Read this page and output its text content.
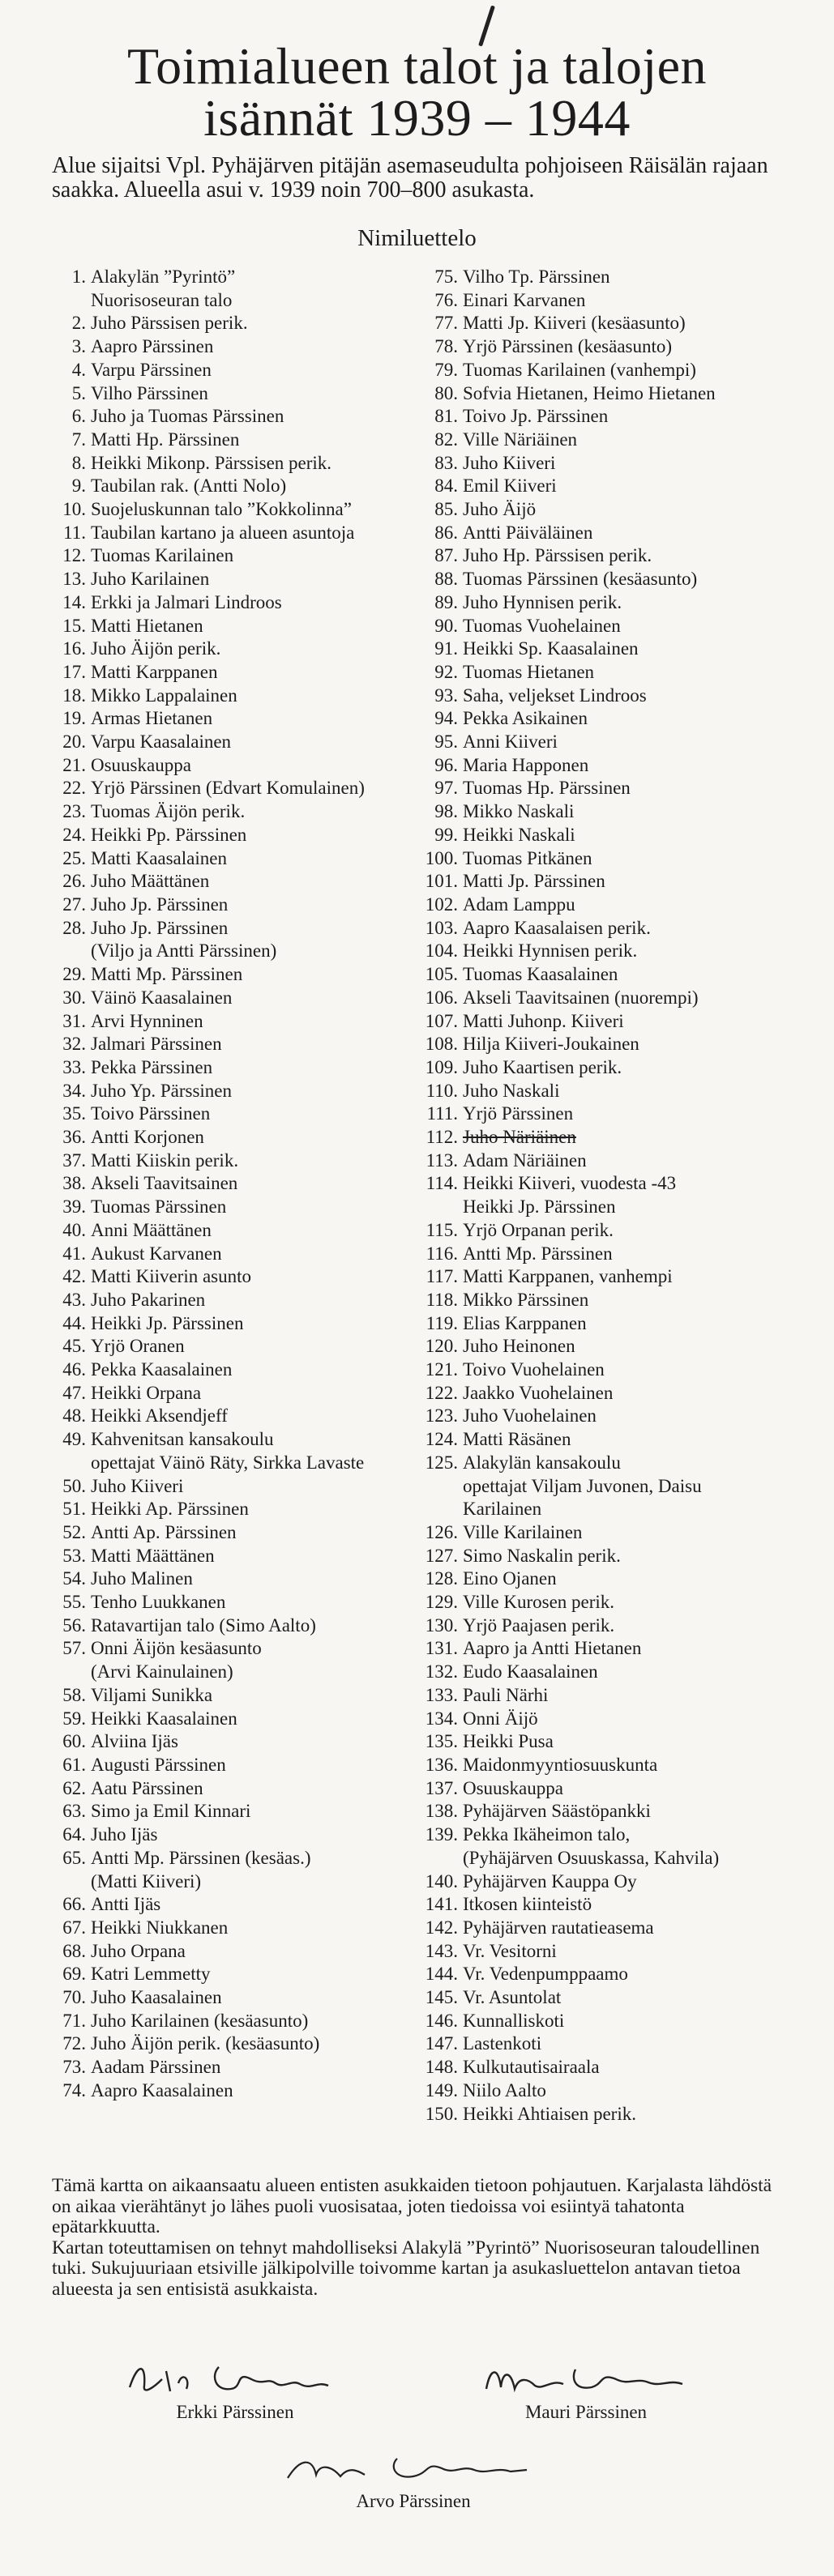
Toimialueen talot ja talojen
isännät 1939 – 1944
Alue sijaitsi Vpl. Pyhäjärven pitäjän asemaseudulta pohjoiseen Räisälän rajaan saakka. Alueella asui v. 1939 noin 700–800 asukasta.
Nimiluettelo
1. Alakylän ”Pyrintö”
Nuorisoseuran talo
2. Juho Pärssisen perik.
3. Aapro Pärssinen
4. Varpu Pärssinen
5. Vilho Pärssinen
6. Juho ja Tuomas Pärssinen
7. Matti Hp. Pärssinen
8. Heikki Mikonp. Pärssisen perik.
9. Taubilan rak. (Antti Nolo)
10. Suojeluskunnan talo ”Kokkolinna”
11. Taubilan kartano ja alueen asuntoja
12. Tuomas Karilainen
13. Juho Karilainen
14. Erkki ja Jalmari Lindroos
15. Matti Hietanen
16. Juho Äijön perik.
17. Matti Karppanen
18. Mikko Lappalainen
19. Armas Hietanen
20. Varpu Kaasalainen
21. Osuuskauppa
22. Yrjö Pärssinen (Edvart Komulainen)
23. Tuomas Äijön perik.
24. Heikki Pp. Pärssinen
25. Matti Kaasalainen
26. Juho Määttänen
27. Juho Jp. Pärssinen
28. Juho Jp. Pärssinen
(Viljo ja Antti Pärssinen)
29. Matti Mp. Pärssinen
30. Väinö Kaasalainen
31. Arvi Hynninen
32. Jalmari Pärssinen
33. Pekka Pärssinen
34. Juho Yp. Pärssinen
35. Toivo Pärssinen
36. Antti Korjonen
37. Matti Kiiskin perik.
38. Akseli Taavitsainen
39. Tuomas Pärssinen
40. Anni Määttänen
41. Aukust Karvanen
42. Matti Kiiverin asunto
43. Juho Pakarinen
44. Heikki Jp. Pärssinen
45. Yrjö Oranen
46. Pekka Kaasalainen
47. Heikki Orpana
48. Heikki Aksendjeff
49. Kahvenitsan kansakoulu
opettajat Väinö Räty, Sirkka Lavaste
50. Juho Kiiveri
51. Heikki Ap. Pärssinen
52. Antti Ap. Pärssinen
53. Matti Määttänen
54. Juho Malinen
55. Tenho Luukkanen
56. Ratavartijan talo (Simo Aalto)
57. Onni Äijön kesäasunto
(Arvi Kainulainen)
58. Viljami Sunikka
59. Heikki Kaasalainen
60. Alviina Ijäs
61. Augusti Pärssinen
62. Aatu Pärssinen
63. Simo ja Emil Kinnari
64. Juho Ijäs
65. Antti Mp. Pärssinen (kesäas.)
(Matti Kiiveri)
66. Antti Ijäs
67. Heikki Niukkanen
68. Juho Orpana
69. Katri Lemmetty
70. Juho Kaasalainen
71. Juho Karilainen (kesäasunto)
72. Juho Äijön perik. (kesäasunto)
73. Aadam Pärssinen
74. Aapro Kaasalainen
75. Vilho Tp. Pärssinen
76. Einari Karvanen
77. Matti Jp. Kiiveri (kesäasunto)
78. Yrjö Pärssinen (kesäasunto)
79. Tuomas Karilainen (vanhempi)
80. Sofvia Hietanen, Heimo Hietanen
81. Toivo Jp. Pärssinen
82. Ville Näriäinen
83. Juho Kiiveri
84. Emil Kiiveri
85. Juho Äijö
86. Antti Päiväläinen
87. Juho Hp. Pärssisen perik.
88. Tuomas Pärssinen (kesäasunto)
89. Juho Hynnisen perik.
90. Tuomas Vuohelainen
91. Heikki Sp. Kaasalainen
92. Tuomas Hietanen
93. Saha, veljekset Lindroos
94. Pekka Asikainen
95. Anni Kiiveri
96. Maria Happonen
97. Tuomas Hp. Pärssinen
98. Mikko Naskali
99. Heikki Naskali
100. Tuomas Pitkänen
101. Matti Jp. Pärssinen
102. Adam Lamppu
103. Aapro Kaasalaisen perik.
104. Heikki Hynnisen perik.
105. Tuomas Kaasalainen
106. Akseli Taavitsainen (nuorempi)
107. Matti Juhonp. Kiiveri
108. Hilja Kiiveri-Joukainen
109. Juho Kaartisen perik.
110. Juho Naskali
111. Yrjö Pärssinen
112. Juho Näriäinen
113. Adam Näriäinen
114. Heikki Kiiveri, vuodesta -43
Heikki Jp. Pärssinen
115. Yrjö Orpanan perik.
116. Antti Mp. Pärssinen
117. Matti Karppanen, vanhempi
118. Mikko Pärssinen
119. Elias Karppanen
120. Juho Heinonen
121. Toivo Vuohelainen
122. Jaakko Vuohelainen
123. Juho Vuohelainen
124. Matti Räsänen
125. Alakylän kansakoulu
opettajat Viljam Juvonen, Daisu
Karilainen
126. Ville Karilainen
127. Simo Naskalin perik.
128. Eino Ojanen
129. Ville Kurosen perik.
130. Yrjö Paajasen perik.
131. Aapro ja Antti Hietanen
132. Eudo Kaasalainen
133. Pauli Närhi
134. Onni Äijö
135. Heikki Pusa
136. Maidonmyyntiosuuskunta
137. Osuuskauppa
138. Pyhäjärven Säästöpankki
139. Pekka Ikäheimon talo,
(Pyhäjärven Osuuskassa, Kahvila)
140. Pyhäjärven Kauppa Oy
141. Itkosen kiinteistö
142. Pyhäjärven rautatieasema
143. Vr. Vesitorni
144. Vr. Vedenpumppaamo
145. Vr. Asuntolat
146. Kunnalliskoti
147. Lastenkoti
148. Kulkutautisairaala
149. Niilo Aalto
150. Heikki Ahtiaisen perik.

Tämä kartta on aikaansaatu alueen entisten asukkaiden tietoon pohjautuen. Karjalasta lähdöstä on aikaa vierähtänyt jo lähes puoli vuosisataa, joten tiedoissa voi esiintyä tahatonta epätarkkuutta.

Kartan toteuttamisen on tehnyt mahdolliseksi Alakylä ”Pyrintö” Nuorisoseuran taloudellinen tuki. Sukujuuriaan etsiville jälkipolville toivomme kartan ja asukasluettelon antavan tietoa alueesta ja sen entisistä asukkaista.

Erkki Pärssinen	Mauri Pärssinen
Arvo Pärssinen
